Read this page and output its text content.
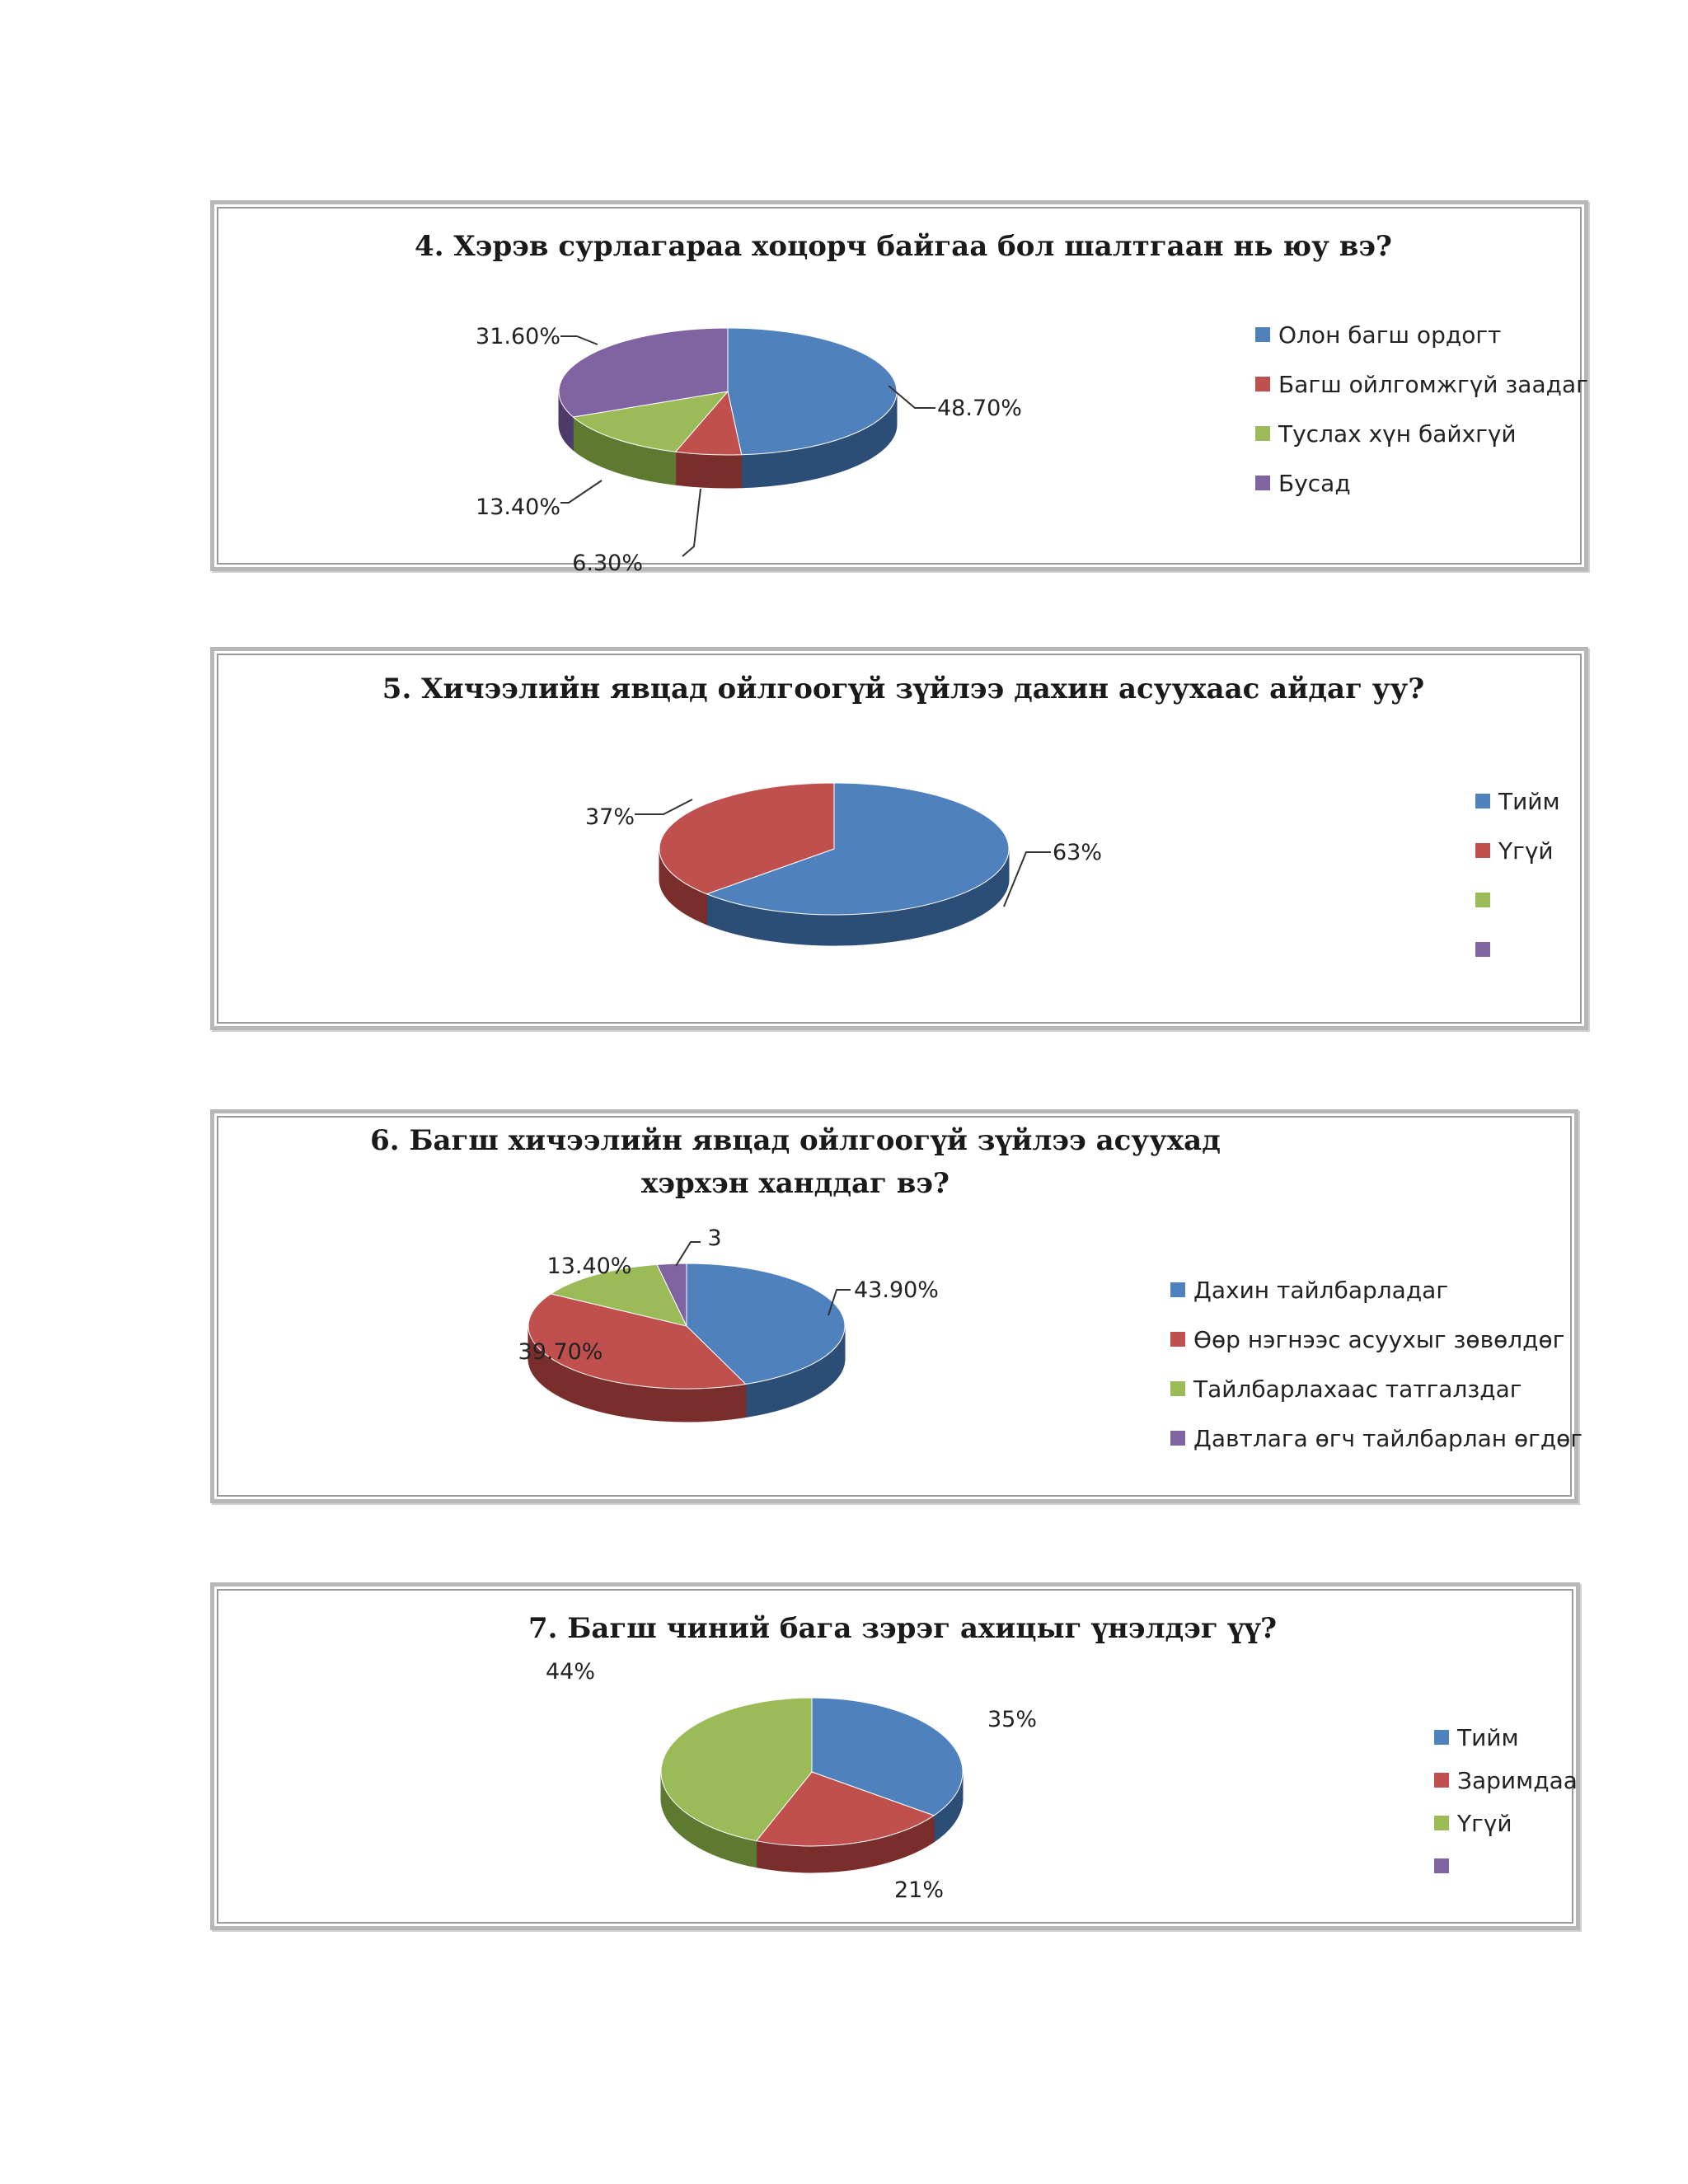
4. Хэрэв сурлагараа хоцорч байгаа бол шалтгаан нь юу вэ?
48.70%
6.30%
13.40%
31.60%	Олон багш ордогт
Багш ойлгомжгүй заадаг
Туслах хүн байхгүй
Бусад
5. Хичээлийн явцад ойлгоогүй зүйлээ дахин асуухаас айдаг уу?
63%
37%
Тийм
Үгүй
6. Багш хичээлийн явцад ойлгоогүй зүйлээ асуухад
хэрхэн ханддаг вэ?
43.90%
39.70%
13.40%
3
Дахин тайлбарладаг
Өөр нэгнээс асуухыг зөвөлдөг
Тайлбарлахаас татгалздаг
Давтлага өгч тайлбарлан өгдөг
7. Багш чиний бага зэрэг ахицыг үнэлдэг үү?
35%
21%
44%
Тийм
Заримдаа
Үгүй
